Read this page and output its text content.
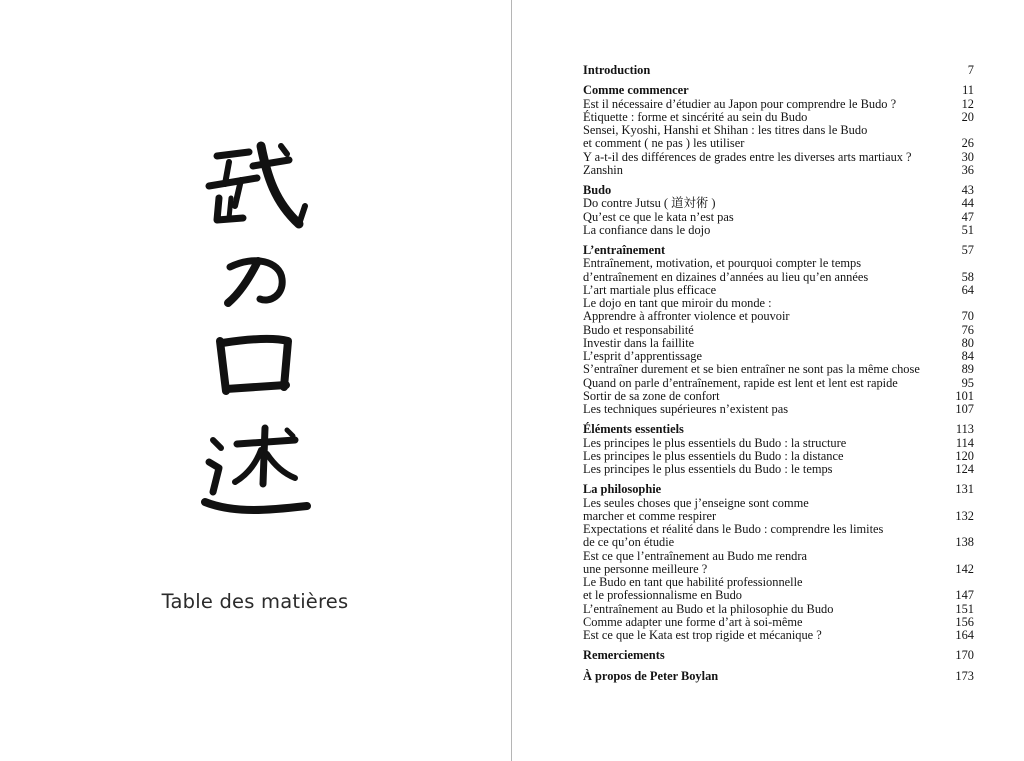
Table des matières
Introduction	7
Comme commencer	11
Est il nécessaire d’étudier au Japon pour comprendre le Budo ?	12
Étiquette : forme et sincérité au sein du Budo	20
Sensei, Kyoshi, Hanshi et Shihan : les titres dans le Budo
et comment ( ne pas ) les utiliser	26
Y a-t-il des différences de grades entre les diverses arts martiaux ?	30
Zanshin	36
Budo	43
Do contre Jutsu ( 道対術 )	44
Qu’est ce que le kata n’est pas	47
La confiance dans le dojo	51
L’entraînement	57
Entraînement, motivation, et pourquoi compter le temps
d’entraînement en dizaines d’années au lieu qu’en années	58
L’art martiale plus efficace	64
Le dojo en tant que miroir du monde :
Apprendre à affronter violence et pouvoir	70
Budo et responsabilité	76
Investir dans la faillite	80
L’esprit d’apprentissage	84
S’entraîner durement et se bien entraîner ne sont pas la même chose	89
Quand on parle d’entraînement, rapide est lent et lent est rapide	95
Sortir de sa zone de confort	101
Les techniques supérieures n’existent pas	107
Éléments essentiels	113
Les principes le plus essentiels du Budo : la structure	114
Les principes le plus essentiels du Budo : la distance	120
Les principes le plus essentiels du Budo : le temps	124
La philosophie	131
Les seules choses que j’enseigne sont comme
marcher et comme respirer	132
Expectations et réalité dans le Budo : comprendre les limites
de ce qu’on étudie	138
Est ce que l’entraînement au Budo me rendra
une personne meilleure ?	142
Le Budo en tant que habilité professionnelle
et le professionnalisme en Budo	147
L’entraînement au Budo et la philosophie du Budo	151
Comme adapter une forme d’art à soi-même	156
Est ce que le Kata est trop rigide et mécanique ?	164
Remerciements	170
À propos de Peter Boylan	173
